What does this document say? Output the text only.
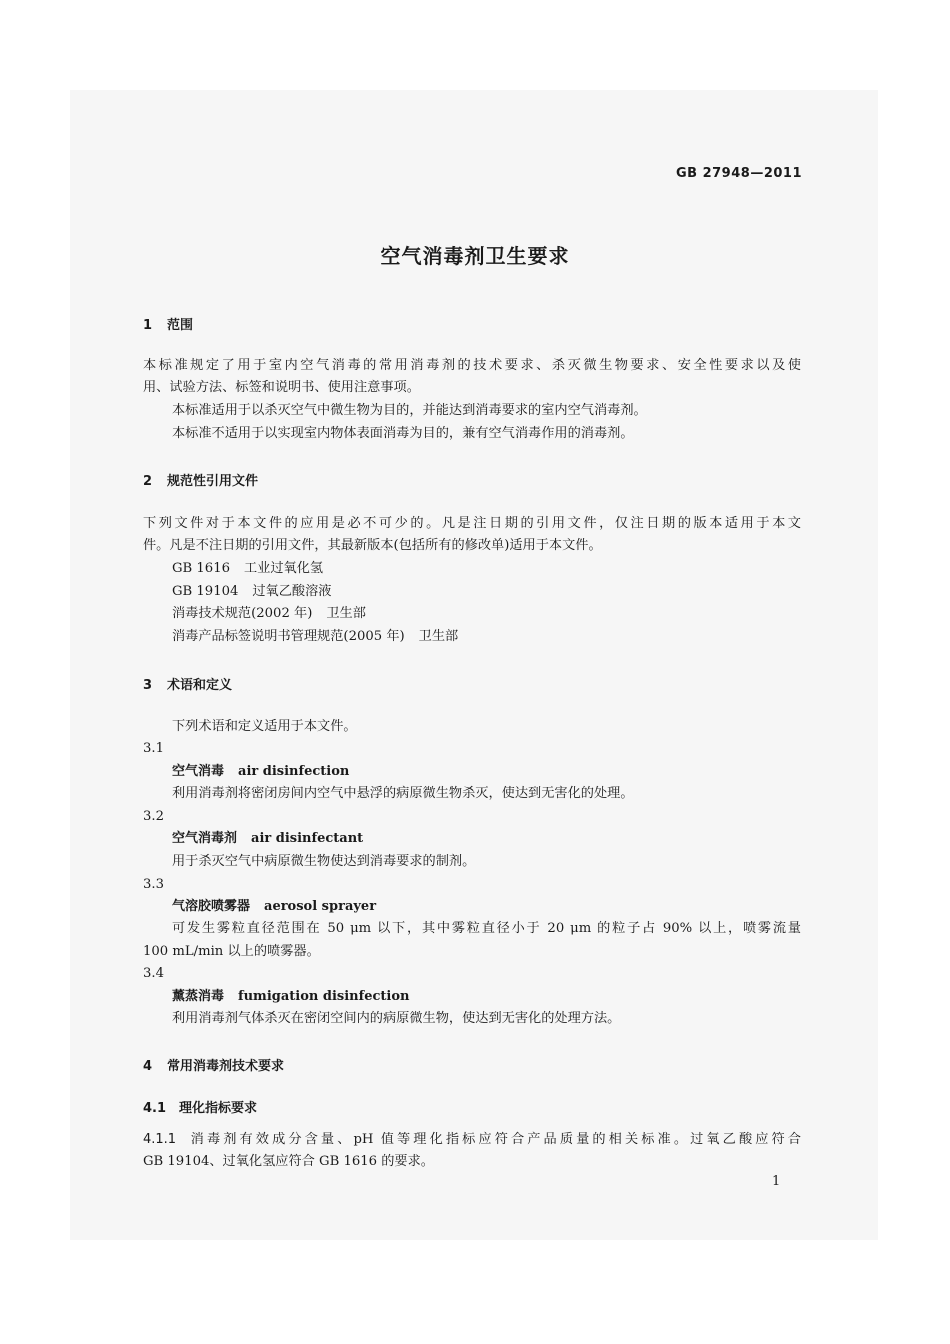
GB 27948—2011
空气消毒剂卫生要求
1 范围
本标准规定了用于室内空气消毒的常用消毒剂的技术要求、杀灭微生物要求、安全性要求以及使
用、试验方法、标签和说明书、使用注意事项。
本标准适用于以杀灭空气中微生物为目的，并能达到消毒要求的室内空气消毒剂。
本标准不适用于以实现室内物体表面消毒为目的，兼有空气消毒作用的消毒剂。
2 规范性引用文件
下列文件对于本文件的应用是必不可少的。凡是注日期的引用文件，仅注日期的版本适用于本文
件。凡是不注日期的引用文件，其最新版本(包括所有的修改单)适用于本文件。
GB 1616 工业过氧化氢
GB 19104 过氧乙酸溶液
消毒技术规范(2002 年) 卫生部
消毒产品标签说明书管理规范(2005 年) 卫生部
3 术语和定义
下列术语和定义适用于本文件。
3.1
空气消毒 air disinfection
利用消毒剂将密闭房间内空气中悬浮的病原微生物杀灭，使达到无害化的处理。
3.2
空气消毒剂 air disinfectant
用于杀灭空气中病原微生物使达到消毒要求的制剂。
3.3
气溶胶喷雾器 aerosol sprayer
可发生雾粒直径范围在 50 μm 以下，其中雾粒直径小于 20 μm 的粒子占 90% 以上，喷雾流量
100 mL/min 以上的喷雾器。
3.4
薰蒸消毒 fumigation disinfection
利用消毒剂气体杀灭在密闭空间内的病原微生物，使达到无害化的处理方法。
4 常用消毒剂技术要求
4.1 理化指标要求
4.1.1 消毒剂有效成分含量、pH 值等理化指标应符合产品质量的相关标准。过氧乙酸应符合
GB 19104、过氧化氢应符合 GB 1616 的要求。
1
